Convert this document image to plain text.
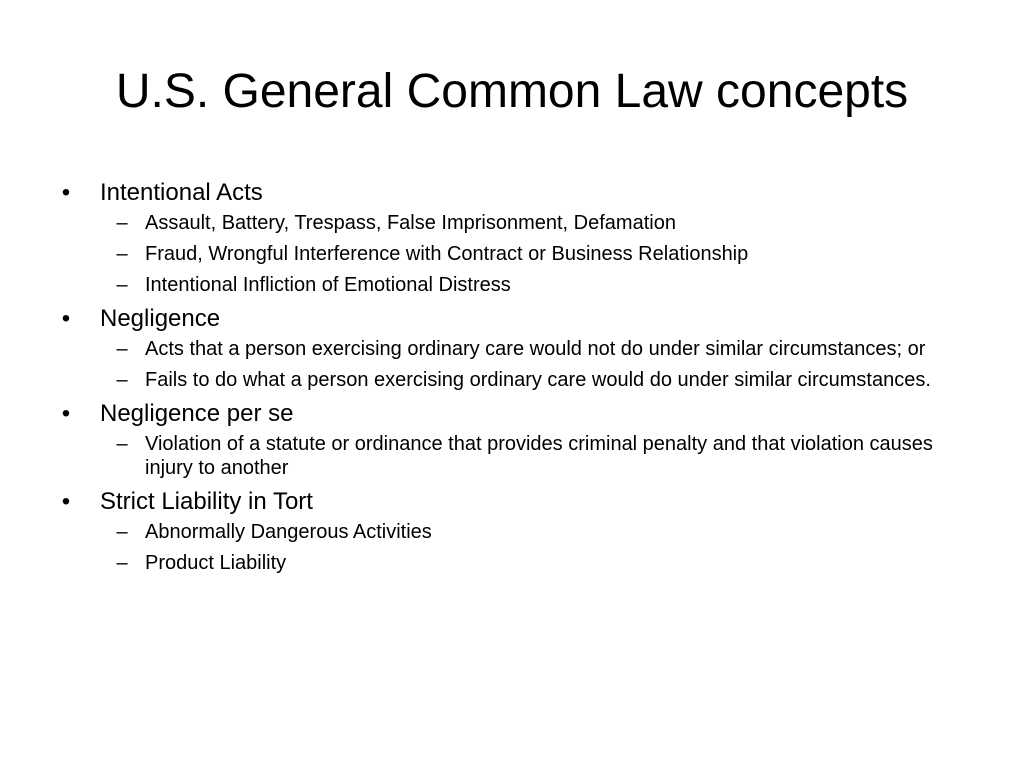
U.S. General Common Law concepts
• Intentional Acts
– Assault, Battery, Trespass, False Imprisonment, Defamation
– Fraud, Wrongful Interference with Contract or Business Relationship
– Intentional Infliction of Emotional Distress
• Negligence
– Acts that a person exercising ordinary care would not do under similar circumstances; or
– Fails to do what a person exercising ordinary care would do under similar circumstances.
• Negligence per se
– Violation of a statute or ordinance that provides criminal penalty and that violation causes injury to another
• Strict Liability in Tort
– Abnormally Dangerous Activities
– Product Liability
